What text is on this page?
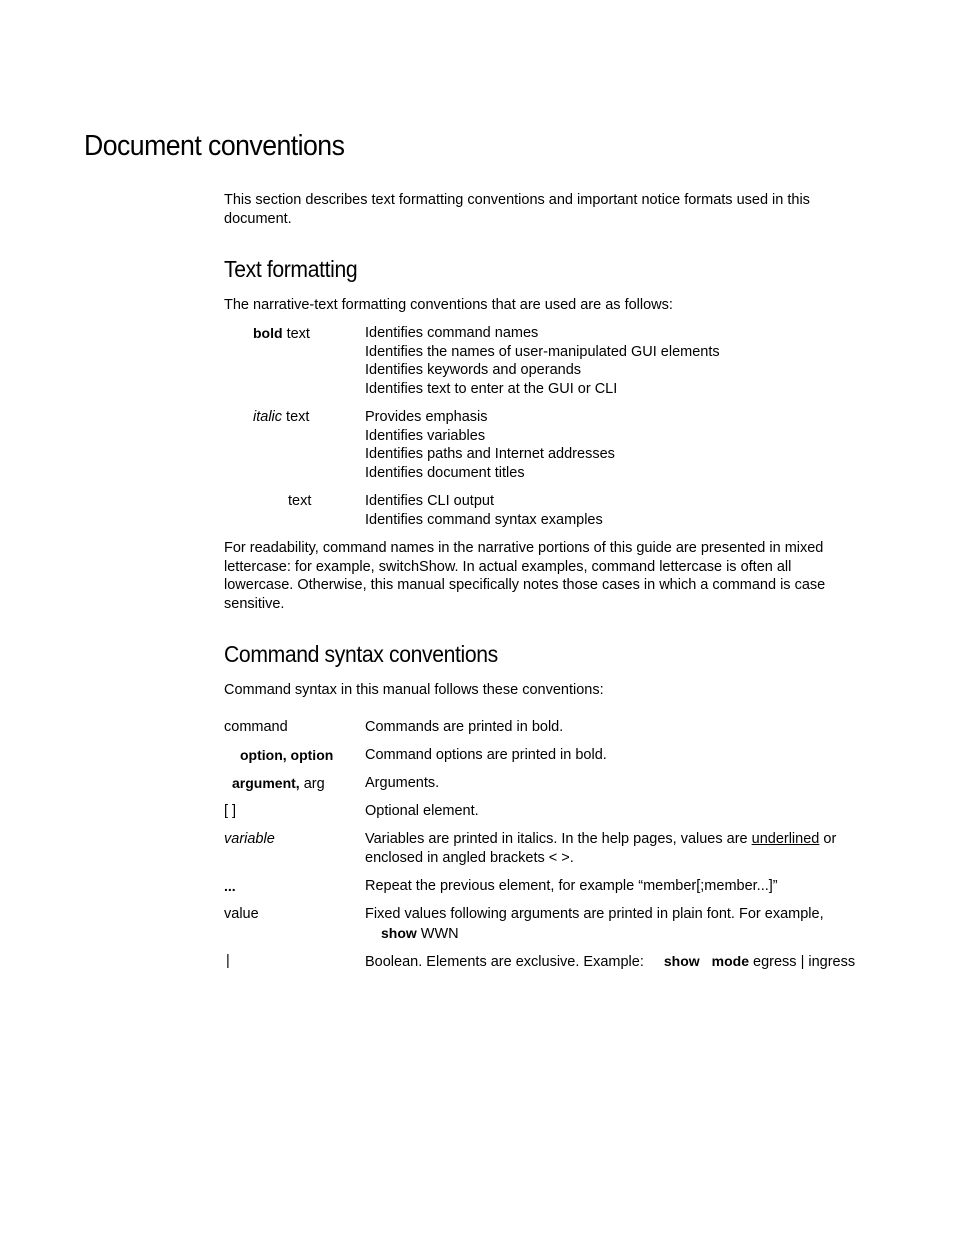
Document conventions

This section describes text formatting conventions and important notice formats used in this document.

Text formatting

The narrative-text formatting conventions that are used are as follows:

bold text	Identifies command names
Identifies the names of user-manipulated GUI elements
Identifies keywords and operands
Identifies text to enter at the GUI or CLI
italic text	Provides emphasis
Identifies variables
Identifies paths and Internet addresses
Identifies document titles
text	Identifies CLI output
Identifies command syntax examples

For readability, command names in the narrative portions of this guide are presented in mixed lettercase: for example, switchShow. In actual examples, command lettercase is often all lowercase. Otherwise, this manual specifically notes those cases in which a command is case sensitive.

Command syntax conventions

Command syntax in this manual follows these conventions:

command	Commands are printed in bold.
option, option Command options are printed in bold.
argument, arg	Arguments.
[ ]	Optional element.
variable	Variables are printed in italics. In the help pages, values are underlined or
enclosed in angled brackets < >.
...	Repeat the previous element, for example “member[;member...]”
value	Fixed values following arguments are printed in plain font. For example,
show WWN
|	Boolean. Elements are exclusive. Example: show mode egress | ingress
